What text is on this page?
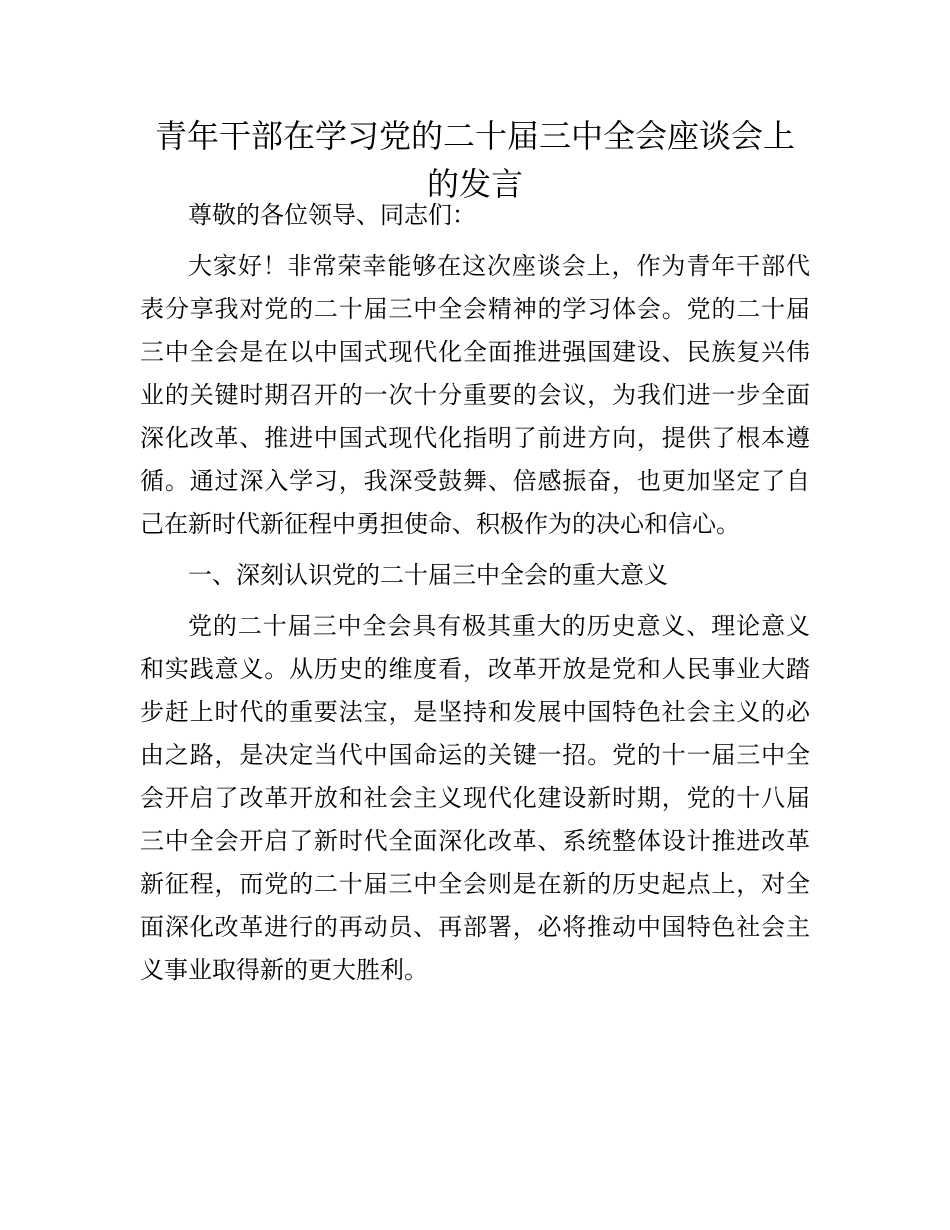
青年干部在学习党的二十届三中全会座谈会上的发言

尊敬的各位领导、同志们：

大家好！非常荣幸能够在这次座谈会上，作为青年干部代表分享我对党的二十届三中全会精神的学习体会。党的二十届三中全会是在以中国式现代化全面推进强国建设、民族复兴伟业的关键时期召开的一次十分重要的会议，为我们进一步全面深化改革、推进中国式现代化指明了前进方向，提供了根本遵循。通过深入学习，我深受鼓舞、倍感振奋，也更加坚定了自己在新时代新征程中勇担使命、积极作为的决心和信心。

一、深刻认识党的二十届三中全会的重大意义

党的二十届三中全会具有极其重大的历史意义、理论意义和实践意义。从历史的维度看，改革开放是党和人民事业大踏步赶上时代的重要法宝，是坚持和发展中国特色社会主义的必由之路，是决定当代中国命运的关键一招。党的十一届三中全会开启了改革开放和社会主义现代化建设新时期，党的十八届三中全会开启了新时代全面深化改革、系统整体设计推进改革新征程，而党的二十届三中全会则是在新的历史起点上，对全面深化改革进行的再动员、再部署，必将推动中国特色社会主义事业取得新的更大胜利。
